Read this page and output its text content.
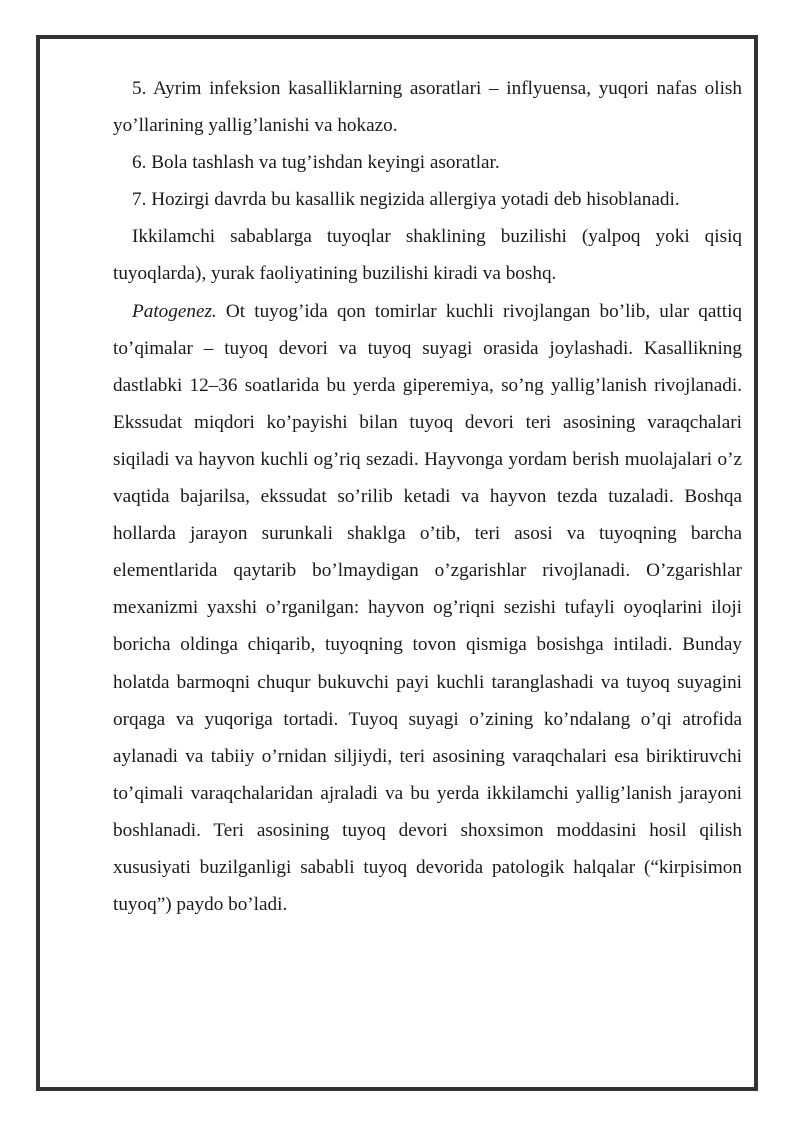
5. Ayrim infeksion kasalliklarning asoratlari – inflyuensa, yuqori nafas olish yo’llarining yallig’lanishi va hokazo.

6. Bola tashlash va tug’ishdan keyingi asoratlar.

7. Hozirgi davrda bu kasallik negizida allergiya yotadi deb hisoblanadi.

Ikkilamchi sabablarga tuyoqlar shaklining buzilishi (yalpoq yoki qisiq tuyoqlarda), yurak faoliyatining buzilishi kiradi va boshq.

Patogenez. Ot tuyog’ida qon tomirlar kuchli rivojlangan bo’lib, ular qattiq to’qimalar – tuyoq devori va tuyoq suyagi orasida joylashadi. Kasallikning dastlabki 12–36 soatlarida bu yerda giperemiya, so’ng yallig’lanish rivojlanadi. Ekssudat miqdori ko’payishi bilan tuyoq devori teri asosining varaqchalari siqiladi va hayvon kuchli og’riq sezadi. Hayvonga yordam berish muolajalari o’z vaqtida bajarilsa, ekssudat so’rilib ketadi va hayvon tezda tuzaladi. Boshqa hollarda jarayon surunkali shaklga o’tib, teri asosi va tuyoqning barcha elementlarida qaytarib bo’lmaydigan o’zgarishlar rivojlanadi. O’zgarishlar mexanizmi yaxshi o’rganilgan: hayvon og’riqni sezishi tufayli oyoqlarini iloji boricha oldinga chiqarib, tuyoqning tovon qismiga bosishga intiladi. Bunday holatda barmoqni chuqur bukuvchi payi kuchli taranglashadi va tuyoq suyagini orqaga va yuqoriga tortadi. Tuyoq suyagi o’zining ko’ndalang o’qi atrofida aylanadi va tabiiy o’rnidan siljiydi, teri asosining varaqchalari esa biriktiruvchi to’qimali varaqchalaridan ajraladi va bu yerda ikkilamchi yallig’lanish jarayoni boshlanadi. Teri asosining tuyoq devori shoxsimon moddasini hosil qilish xususiyati buzilganligi sababli tuyoq devorida patologik halqalar (“kirpisimon tuyoq”) paydo bo’ladi.
